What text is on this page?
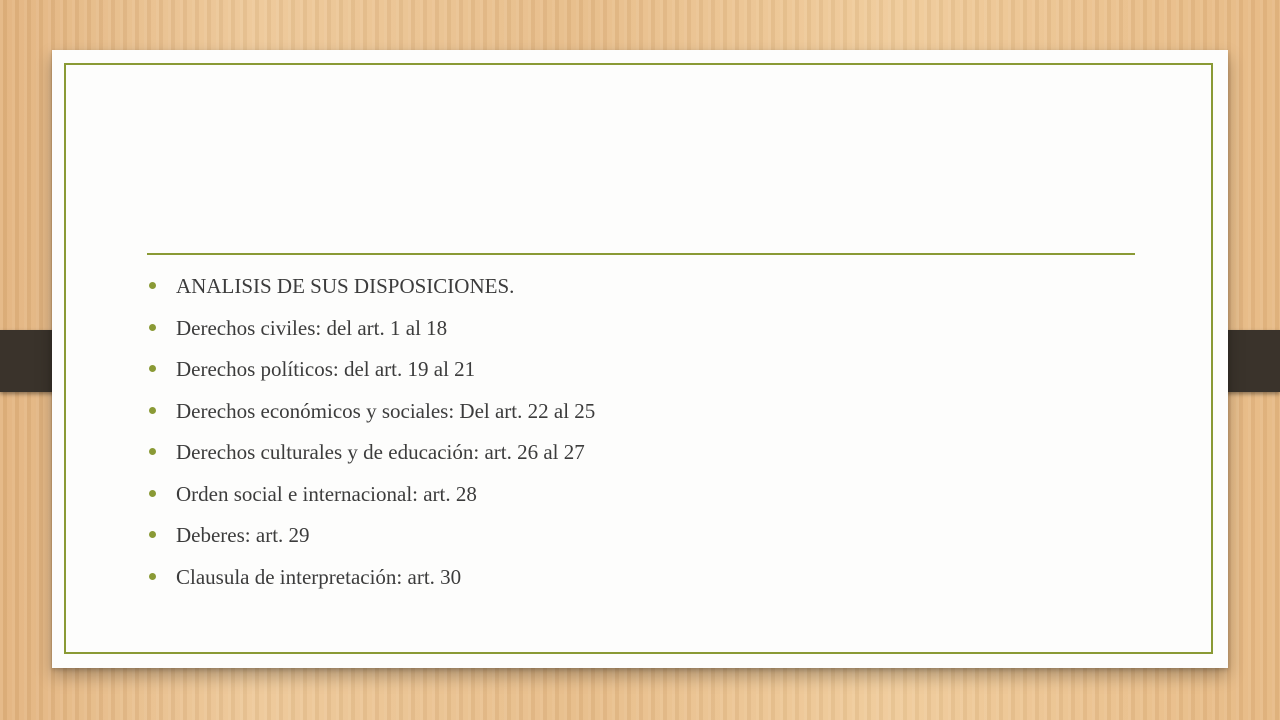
ANALISIS DE SUS DISPOSICIONES.
Derechos civiles: del art. 1 al 18
Derechos políticos: del art. 19 al 21
Derechos económicos y sociales: Del art. 22 al 25
Derechos culturales y de educación: art. 26 al 27
Orden social e internacional: art. 28
Deberes: art. 29
Clausula de interpretación: art. 30
